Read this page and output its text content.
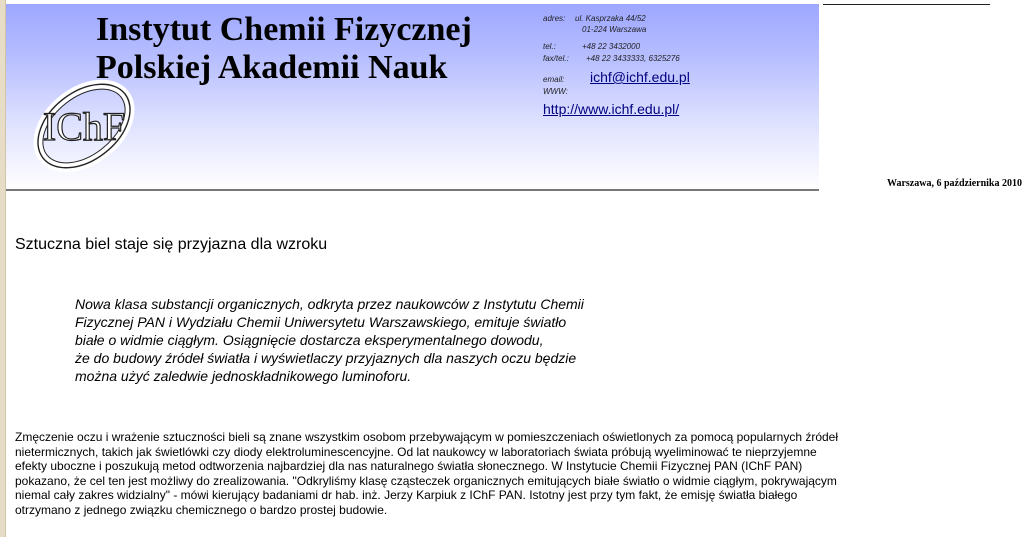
Instytut Chemii Fizycznej
Polskiej Akademii Nauk
IChF
adres: ul. Kasprzaka 44/52
01-224 Warszawa
tel.:	+48 22 3432000
fax/tel.: +48 22 3433333, 6325276
email: ichf@ichf.edu.pl
WWW:
http://www.ichf.edu.pl/
Warszawa, 6 października 2010
Sztuczna biel staje się przyjazna dla wzroku
Nowa klasa substancji organicznych, odkryta przez naukowców z Instytutu Chemii
Fizycznej PAN i Wydziału Chemii Uniwersytetu Warszawskiego, emituje światło
białe o widmie ciągłym. Osiągnięcie dostarcza eksperymentalnego dowodu,
że do budowy źródeł światła i wyświetlaczy przyjaznych dla naszych oczu będzie
można użyć zaledwie jednoskładnikowego luminoforu.
Zmęczenie oczu i wrażenie sztuczności bieli są znane wszystkim osobom przebywającym w pomieszczeniach oświetlonych za pomocą popularnych źródeł
nietermicznych, takich jak świetlówki czy diody elektroluminescencyjne. Od lat naukowcy w laboratoriach świata próbują wyeliminować te nieprzyjemne
efekty uboczne i poszukują metod odtworzenia najbardziej dla nas naturalnego światła słonecznego. W Instytucie Chemii Fizycznej PAN (IChF PAN)
pokazano, że cel ten jest możliwy do zrealizowania. "Odkryliśmy klasę cząsteczek organicznych emitujących białe światło o widmie ciągłym, pokrywającym
niemal cały zakres widzialny" - mówi kierujący badaniami dr hab. inż. Jerzy Karpiuk z IChF PAN. Istotny jest przy tym fakt, że emisję światła białego
otrzymano z jednego związku chemicznego o bardzo prostej budowie.
